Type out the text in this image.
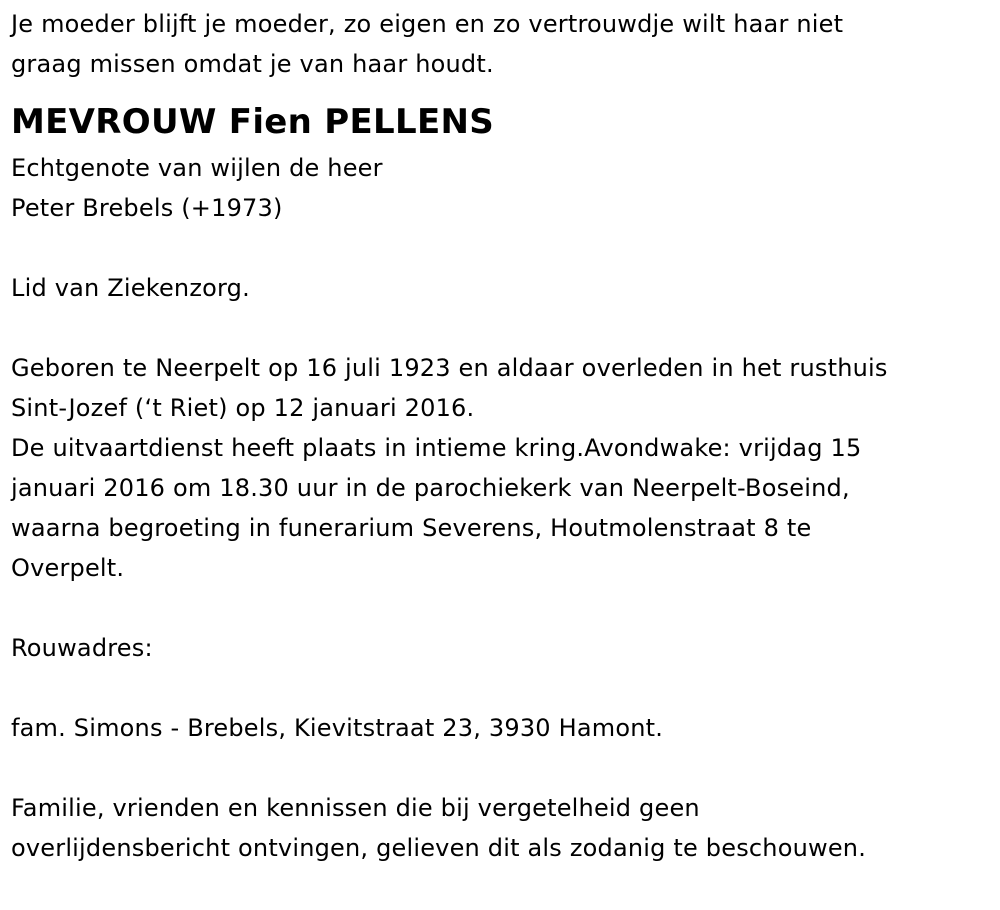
Je moeder blijft je moeder, zo eigen en zo vertrouwdje wilt haar niet
graag missen omdat je van haar houdt.
MEVROUW Fien PELLENS
Echtgenote van wijlen de heer
Peter Brebels (+1973)
Lid van Ziekenzorg.
Geboren te Neerpelt op 16 juli 1923 en aldaar overleden in het rusthuis
Sint-Jozef (‘t Riet) op 12 januari 2016.
De uitvaartdienst heeft plaats in intieme kring.Avondwake: vrijdag 15
januari 2016 om 18.30 uur in de parochiekerk van Neerpelt-Boseind,
waarna begroeting in funerarium Severens, Houtmolenstraat 8 te
Overpelt.
Rouwadres:
fam. Simons - Brebels, Kievitstraat 23, 3930 Hamont.
Familie, vrienden en kennissen die bij vergetelheid geen
overlijdensbericht ontvingen, gelieven dit als zodanig te beschouwen.
